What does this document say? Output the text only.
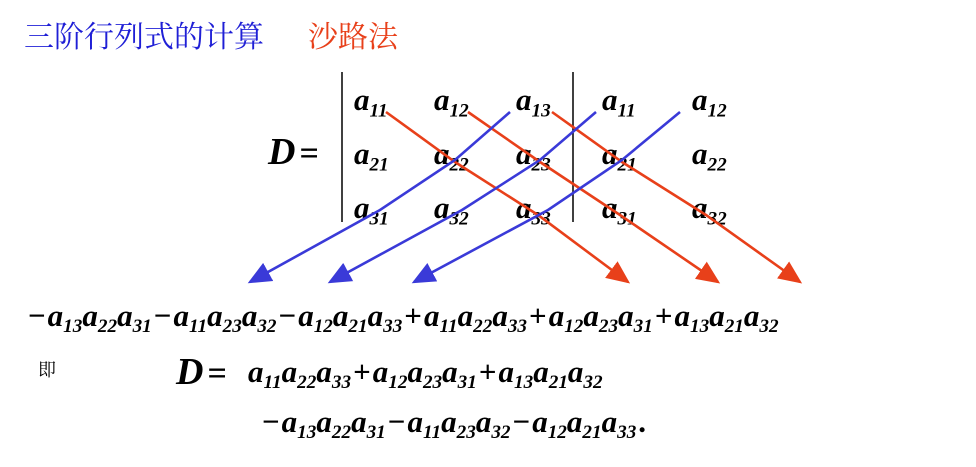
三阶行列式的计算 沙路法
D =
$a_{11}$ $a_{12}$ $a_{13}$ $a_{11}$ $a_{12}$
$a_{21}$ $a_{22}$ $a_{23}$ $a_{21}$ $a_{22}$
$a_{31}$ $a_{32}$ $a_{33}$ $a_{31}$ $a_{32}$
$-a_{13}a_{22}a_{31}-a_{11}a_{23}a_{32}-a_{12}a_{21}a_{33}+a_{11}a_{22}a_{33}+a_{12}a_{23}a_{31}+a_{13}a_{21}a_{32}$
即	$D = a_{11}a_{22}a_{33}+a_{12}a_{23}a_{31}+a_{13}a_{21}a_{32}$
$-a_{13}a_{22}a_{31}-a_{11}a_{23}a_{32}-a_{12}a_{21}a_{33}$.
